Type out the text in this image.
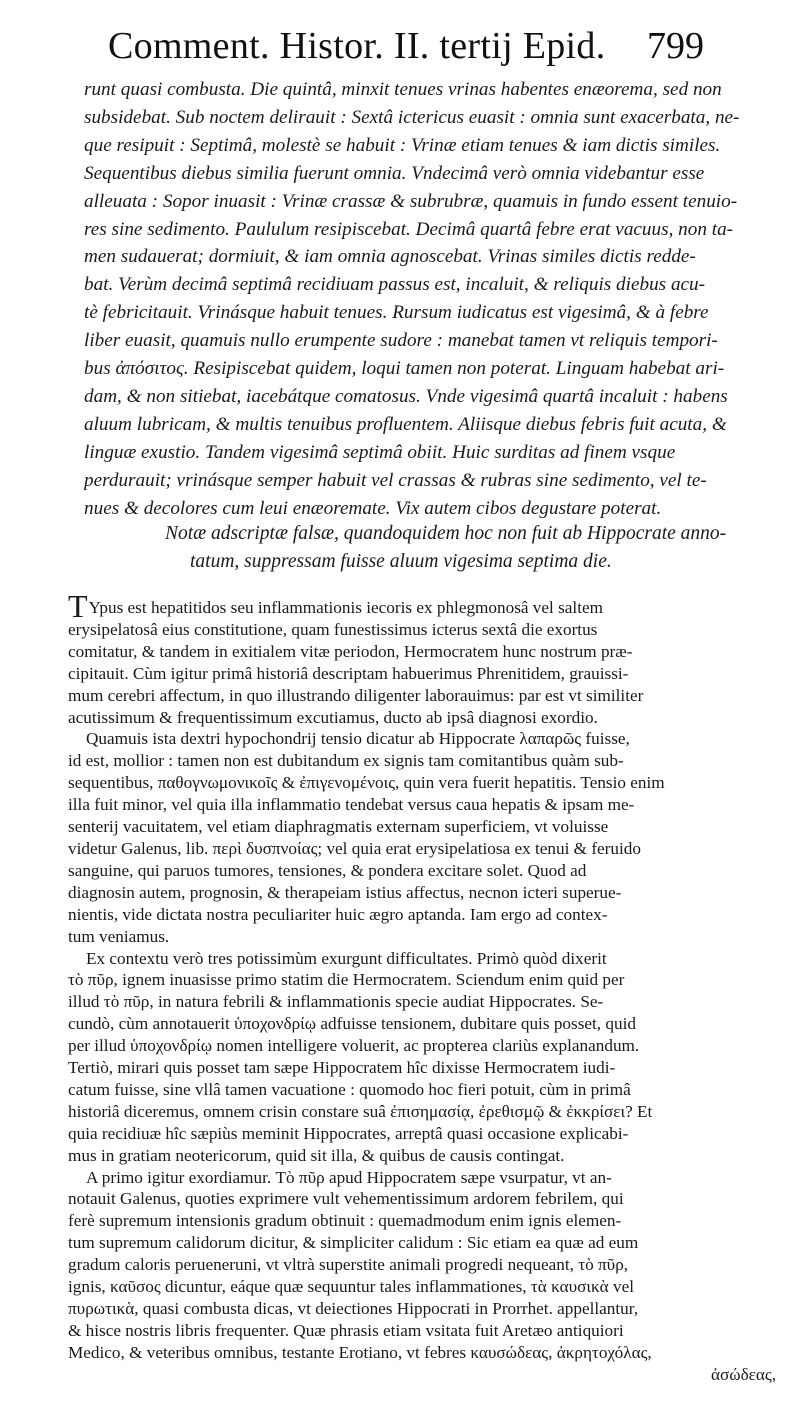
Comment. Histor. II. tertij Epid. 799
runt quasi combusta. Die quintâ, minxit tenues vrinas habentes enæorema, sed non
subsidebat. Sub noctem delirauit : Sextâ ictericus euasit : omnia sunt exacerbata, ne-
que resipuit : Septimâ, molestè se habuit : Vrinæ etiam tenues & iam dictis similes.
Sequentibus diebus similia fuerunt omnia. Vndecimâ verò omnia videbantur esse
alleuata : Sopor inuasit : Vrinæ crassæ & subrubræ, quamuis in fundo essent tenuio-
res sine sedimento. Paululum resipiscebat. Decimâ quartâ febre erat vacuus, non ta-
men sudauerat; dormiuit, & iam omnia agnoscebat. Vrinas similes dictis redde-
bat. Verùm decimâ septimâ recidiuam passus est, incaluit, & reliquis diebus acu-
tè febricitauit. Vrinásque habuit tenues. Rursum iudicatus est vigesimâ, & à febre
liber euasit, quamuis nullo erumpente sudore : manebat tamen vt reliquis tempori-
bus ἀπόσιτος. Resipiscebat quidem, loqui tamen non poterat. Linguam habebat ari-
dam, & non sitiebat, iacebátque comatosus. Vnde vigesimâ quartâ incaluit : habens
aluum lubricam, & multis tenuibus profluentem. Aliisque diebus febris fuit acuta, &
linguæ exustio. Tandem vigesimâ septimâ obiit. Huic surditas ad finem vsque
perdurauit; vrinásque semper habuit vel crassas & rubras sine sedimento, vel te-
nues & decolores cum leui enæoremate. Vix autem cibos degustare poterat.
Notæ adscriptæ falsæ, quandoquidem hoc non fuit ab Hippocrate anno-
tatum, suppressam fuisse aluum vigesima septima die.
TYpus est hepatitidos seu inflammationis iecoris ex phlegmonosâ vel saltem
erysipelatosâ eius constitutione, quam funestissimus icterus sextâ die exortus
comitatur, & tandem in exitialem vitæ periodon, Hermocratem hunc nostrum præ-
cipitauit. Cùm igitur primâ historiâ descriptam habuerimus Phrenitidem, grauissi-
mum cerebri affectum, in quo illustrando diligenter laborauimus: par est vt similiter
acutissimum & frequentissimum excutiamus, ducto ab ipsâ diagnosi exordio.
Quamuis ista dextri hypochondrij tensio dicatur ab Hippocrate λαπαρῶς fuisse,
id est, mollior : tamen non est dubitandum ex signis tam comitantibus quàm sub-
sequentibus, παθογνωμονικοῖς & ἐπιγενομένοις, quin vera fuerit hepatitis. Tensio enim
illa fuit minor, vel quia illa inflammatio tendebat versus caua hepatis & ipsam me-
senterij vacuitatem, vel etiam diaphragmatis externam superficiem, vt voluisse
videtur Galenus, lib. περὶ δυσπνοίας; vel quia erat erysipelatiosa ex tenui & feruido
sanguine, qui paruos tumores, tensiones, & pondera excitare solet. Quod ad
diagnosin autem, prognosin, & therapeiam istius affectus, necnon icteri superue-
nientis, vide dictata nostra peculiariter huic ægro aptanda. Iam ergo ad contex-
tum veniamus.
Ex contextu verò tres potissimùm exurgunt difficultates. Primò quòd dixerit
τὸ πῦρ, ignem inuasisse primo statim die Hermocratem. Sciendum enim quid per
illud τὸ πῦρ, in natura febrili & inflammationis specie audiat Hippocrates. Se-
cundò, cùm annotauerit ὑποχονδρίῳ adfuisse tensionem, dubitare quis posset, quid
per illud ὑποχονδρίῳ nomen intelligere voluerit, ac propterea clariùs explanandum.
Tertiò, mirari quis posset tam sæpe Hippocratem hîc dixisse Hermocratem iudi-
catum fuisse, sine vllâ tamen vacuatione : quomodo hoc fieri potuit, cùm in primâ
historiâ diceremus, omnem crisin constare suâ ἐπισημασίᾳ, ἐρεθισμῷ & ἐκκρίσει? Et
quia recidiuæ hîc sæpiùs meminit Hippocrates, arreptâ quasi occasione explicabi-
mus in gratiam neotericorum, quid sit illa, & quibus de causis contingat.
A primo igitur exordiamur. Τὸ πῦρ apud Hippocratem sæpe vsurpatur, vt an-
notauit Galenus, quoties exprimere vult vehementissimum ardorem febrilem, qui
ferè supremum intensionis gradum obtinuit : quemadmodum enim ignis elemen-
tum supremum calidorum dicitur, & simpliciter calidum : Sic etiam ea quæ ad eum
gradum caloris perueneruni, vt vltrà superstite animali progredi nequeant, τὸ πῦρ,
ignis, καῦσος dicuntur, eáque quæ sequuntur tales inflammationes, τὰ καυσικὰ vel
πυρωτικὰ, quasi combusta dicas, vt deiectiones Hippocrati in Prorrhet. appellantur,
& hisce nostris libris frequenter. Quæ phrasis etiam vsitata fuit Aretæo antiquiori
Medico, & veteribus omnibus, testante Erotiano, vt febres καυσώδεας, ἀκρητοχόλας,
ἀσώδεας,
